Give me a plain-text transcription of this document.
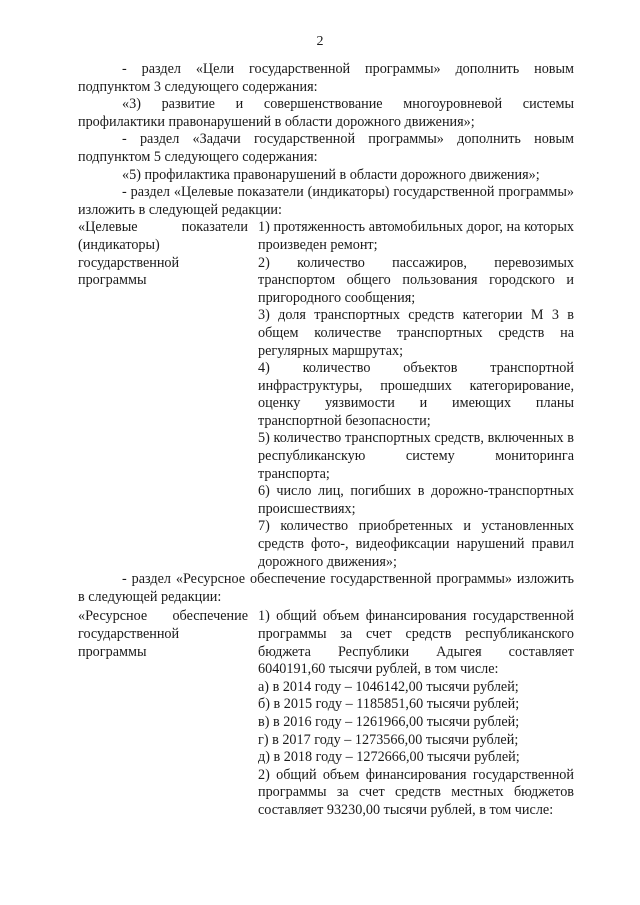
2

- раздел «Цели государственной программы» дополнить новым подпунктом 3 следующего содержания:

«3) развитие и совершенствование многоуровневой системы профилактики правонарушений в области дорожного движения»;

- раздел «Задачи государственной программы» дополнить новым подпунктом 5 следующего содержания:

«5) профилактика правонарушений в области дорожного движения»;

- раздел «Целевые показатели (индикаторы) государственной программы» изложить в следующей редакции:

«Целевые показатели (индикаторы) государственной программы

1) протяженность автомобильных дорог, на которых произведен ремонт;

2) количество пассажиров, перевозимых транспортом общего пользования городского и пригородного сообщения;

3) доля транспортных средств категории М 3 в общем количестве транспортных средств на регулярных маршрутах;

4) количество объектов транспортной инфраструктуры, прошедших категорирование, оценку уязвимости и имеющих планы транспортной безопасности;

5) количество транспортных средств, включенных в республиканскую систему мониторинга транспорта;

6) число лиц, погибших в дорожно-транспортных происшествиях;

7) количество приобретенных и установленных средств фото-, видеофиксации нарушений правил дорожного движения»;

- раздел «Ресурсное обеспечение государственной программы» изложить в следующей редакции:

«Ресурсное обеспечение государственной программы

1) общий объем финансирования государственной программы за счет средств республиканского бюджета Республики Адыгея составляет 6040191,60 тысячи рублей, в том числе:

а) в 2014 году – 1046142,00 тысячи рублей;

б) в 2015 году – 1185851,60 тысячи рублей;

в) в 2016 году – 1261966,00 тысячи рублей;

г) в 2017 году – 1273566,00 тысячи рублей;

д) в 2018 году – 1272666,00 тысячи рублей;

2) общий объем финансирования государственной программы за счет средств местных бюджетов составляет 93230,00 тысячи рублей, в том числе:
